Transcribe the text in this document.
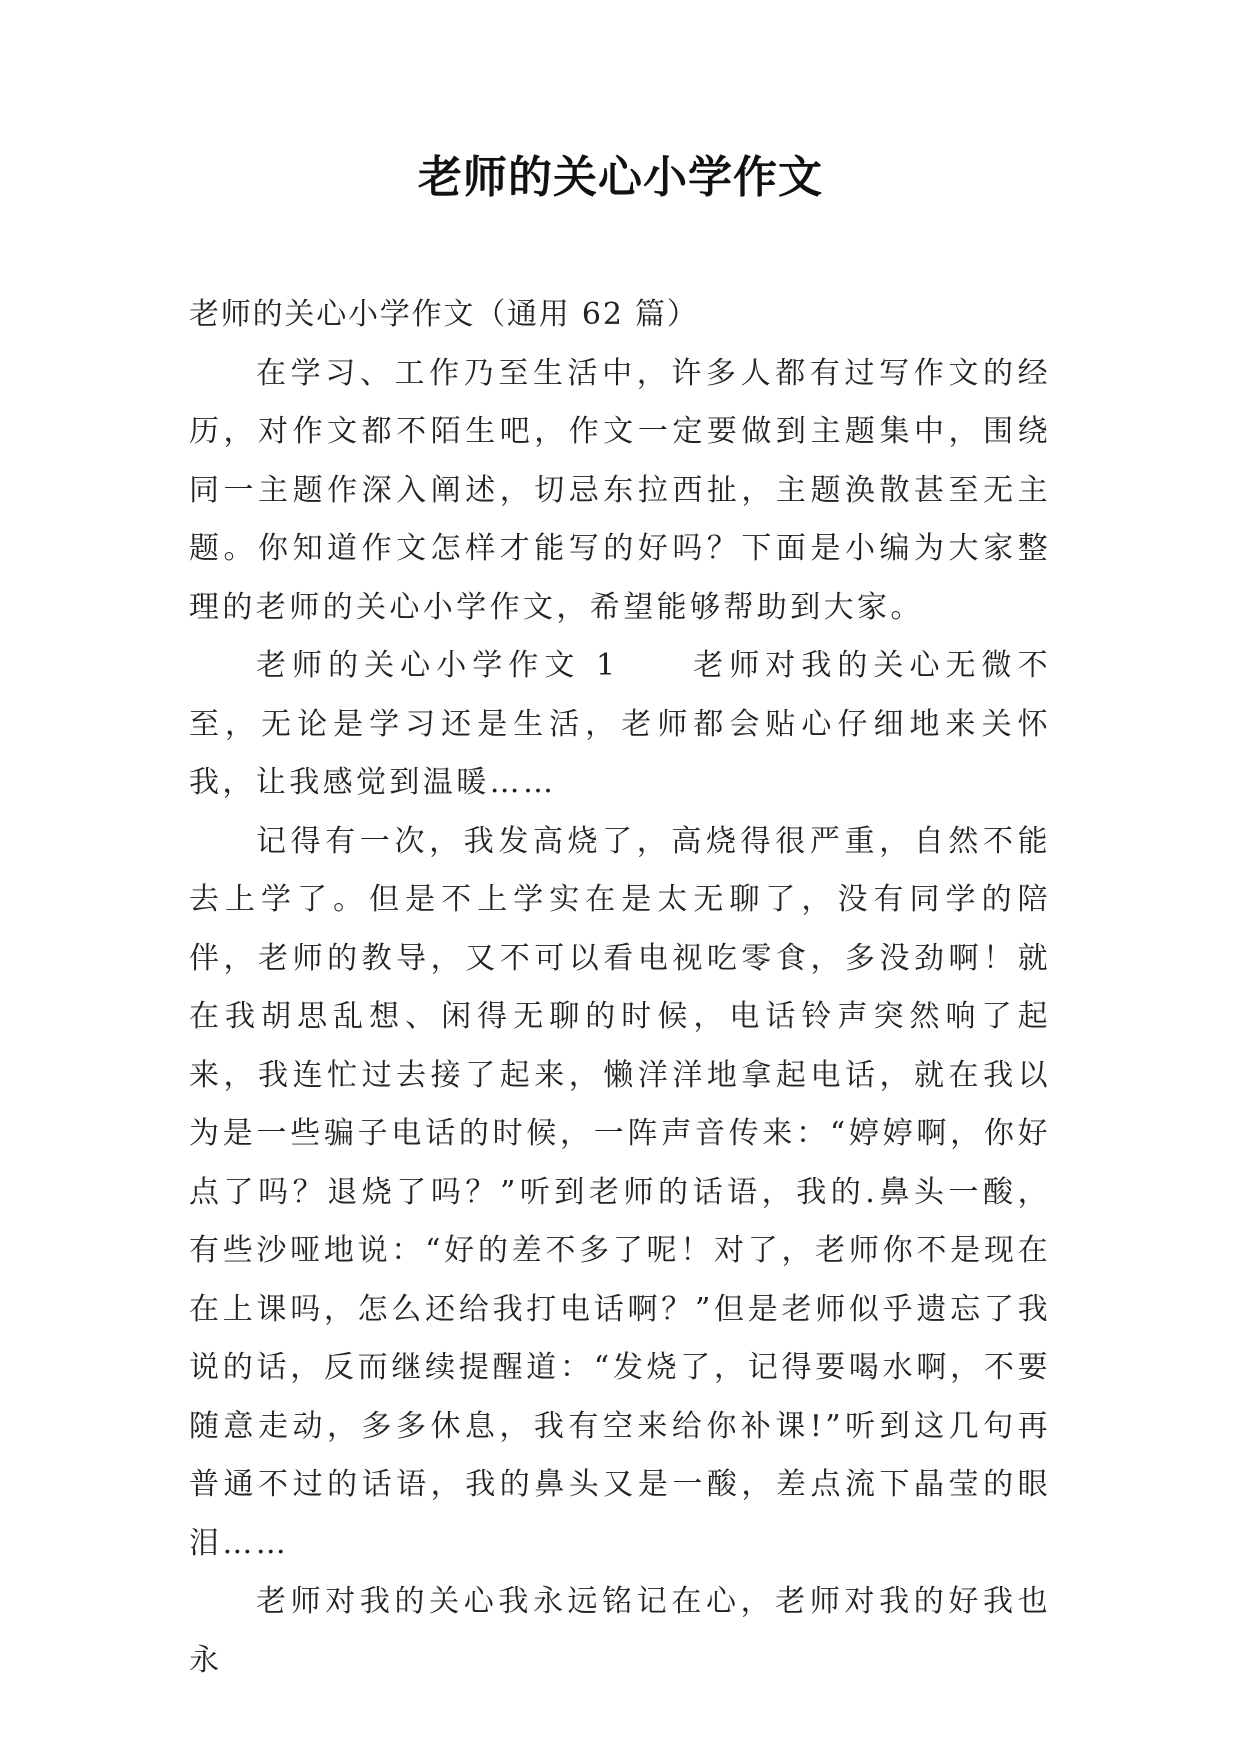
老师的关心小学作文

老师的关心小学作文（通用 62 篇）

在学习、工作乃至生活中，许多人都有过写作文的经历，对作文都不陌生吧，作文一定要做到主题集中，围绕同一主题作深入阐述，切忌东拉西扯，主题涣散甚至无主题。你知道作文怎样才能写的好吗？下面是小编为大家整理的老师的关心小学作文，希望能够帮助到大家。

老师的关心小学作文 1　　老师对我的关心无微不至，无论是学习还是生活，老师都会贴心仔细地来关怀我，让我感觉到温暖……

记得有一次，我发高烧了，高烧得很严重，自然不能去上学了。但是不上学实在是太无聊了，没有同学的陪伴，老师的教导，又不可以看电视吃零食，多没劲啊！就在我胡思乱想、闲得无聊的时候，电话铃声突然响了起来，我连忙过去接了起来，懒洋洋地拿起电话，就在我以为是一些骗子电话的时候，一阵声音传来：“婷婷啊，你好点了吗？退烧了吗？”听到老师的话语，我的.鼻头一酸，有些沙哑地说：“好的差不多了呢！对了，老师你不是现在在上课吗，怎么还给我打电话啊？”但是老师似乎遗忘了我说的话，反而继续提醒道：“发烧了，记得要喝水啊，不要随意走动，多多休息，我有空来给你补课!”听到这几句再普通不过的话语，我的鼻头又是一酸，差点流下晶莹的眼泪……

老师对我的关心我永远铭记在心，老师对我的好我也永
